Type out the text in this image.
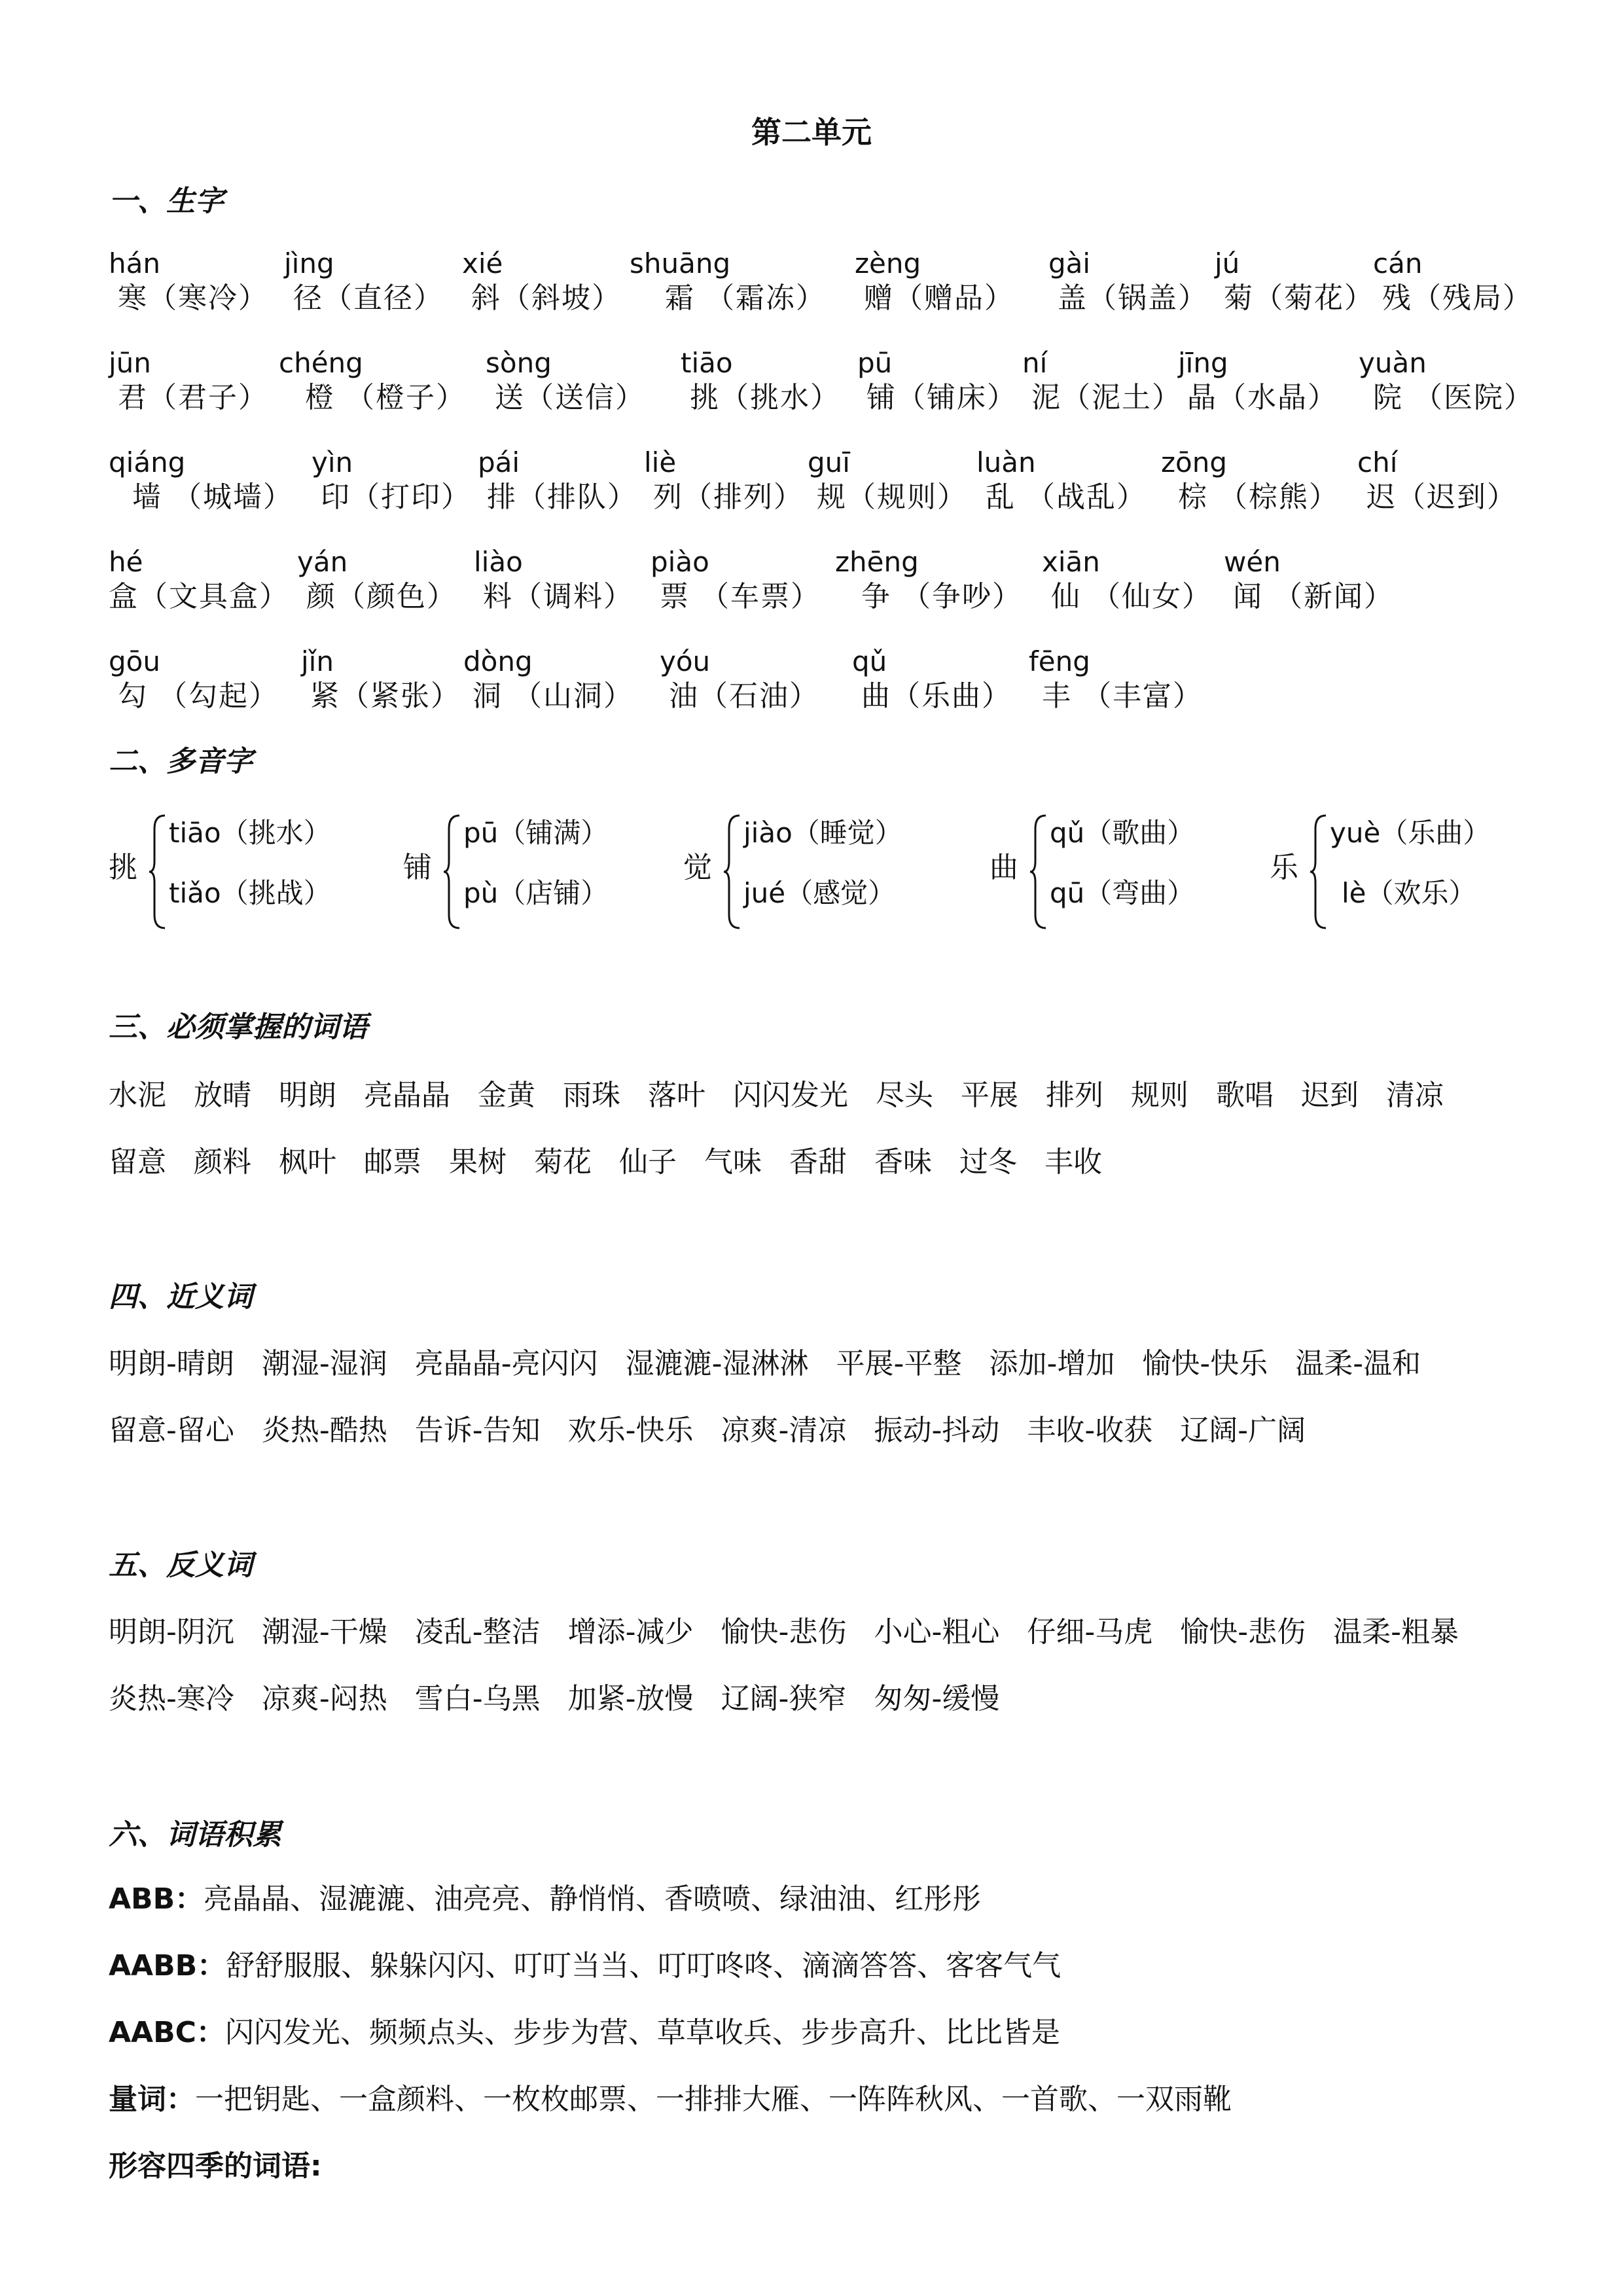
第二单元
一、生字
hán
寒（寒冷）
jìng
径（直径）
xié
斜（斜坡）
shuāng
霜 （霜冻）
zèng
赠（赠品）
gài
盖（锅盖）
jú
菊（菊花）
cán
残（残局）
jūn
君（君子）
chéng
橙 （橙子）
sòng
送（送信）
tiāo
挑（挑水）
pū
铺（铺床）
ní
泥（泥土）
jīng
晶（水晶）
yuàn
院 （医院）
qiáng
墙 （城墙）
yìn
印（打印）
pái
排（排队）
liè
列（排列）
guī
规（规则）
luàn
乱 （战乱）
zōng
棕 （棕熊）
chí
迟（迟到）
hé
盒（文具盒）
yán
颜（颜色）
liào
料（调料）
piào
票 （车票）
zhēng
争 （争吵）
xiān
仙 （仙女）
wén
闻 （新闻）
gōu
勾 （勾起）
jǐn
紧（紧张）
dòng
洞 （山洞）
yóu
油（石油）
qǔ
曲（乐曲）
fēng
丰 （丰富）
二、多音字
挑
tiāo（挑水）
tiǎo（挑战）
铺
pū（铺满）
pù（店铺）
觉
jiào（睡觉）
jué（感觉）
曲
qǔ（歌曲）
qū（弯曲）
乐
yuè（乐曲）
lè（欢乐）
三、必须掌握的词语
水泥 放晴 明朗 亮晶晶 金黄 雨珠 落叶 闪闪发光 尽头 平展 排列 规则 歌唱 迟到 清凉
留意 颜料 枫叶 邮票 果树 菊花 仙子 气味 香甜 香味 过冬 丰收
四、近义词
明朗-晴朗 潮湿-湿润 亮晶晶-亮闪闪 湿漉漉-湿淋淋 平展-平整 添加-增加 愉快-快乐 温柔-温和
留意-留心 炎热-酷热 告诉-告知 欢乐-快乐 凉爽-清凉 振动-抖动 丰收-收获 辽阔-广阔
五、反义词
明朗-阴沉 潮湿-干燥 凌乱-整洁 增添-减少 愉快-悲伤 小心-粗心 仔细-马虎 愉快-悲伤 温柔-粗暴
炎热-寒冷 凉爽-闷热 雪白-乌黑 加紧-放慢 辽阔-狭窄 匆匆-缓慢
六、词语积累
ABB：亮晶晶、湿漉漉、油亮亮、静悄悄、香喷喷、绿油油、红彤彤
AABB：舒舒服服、躲躲闪闪、叮叮当当、叮叮咚咚、滴滴答答、客客气气
AABC：闪闪发光、频频点头、步步为营、草草收兵、步步高升、比比皆是
量词：一把钥匙、一盒颜料、一枚枚邮票、一排排大雁、一阵阵秋风、一首歌、一双雨靴
形容四季的词语:
